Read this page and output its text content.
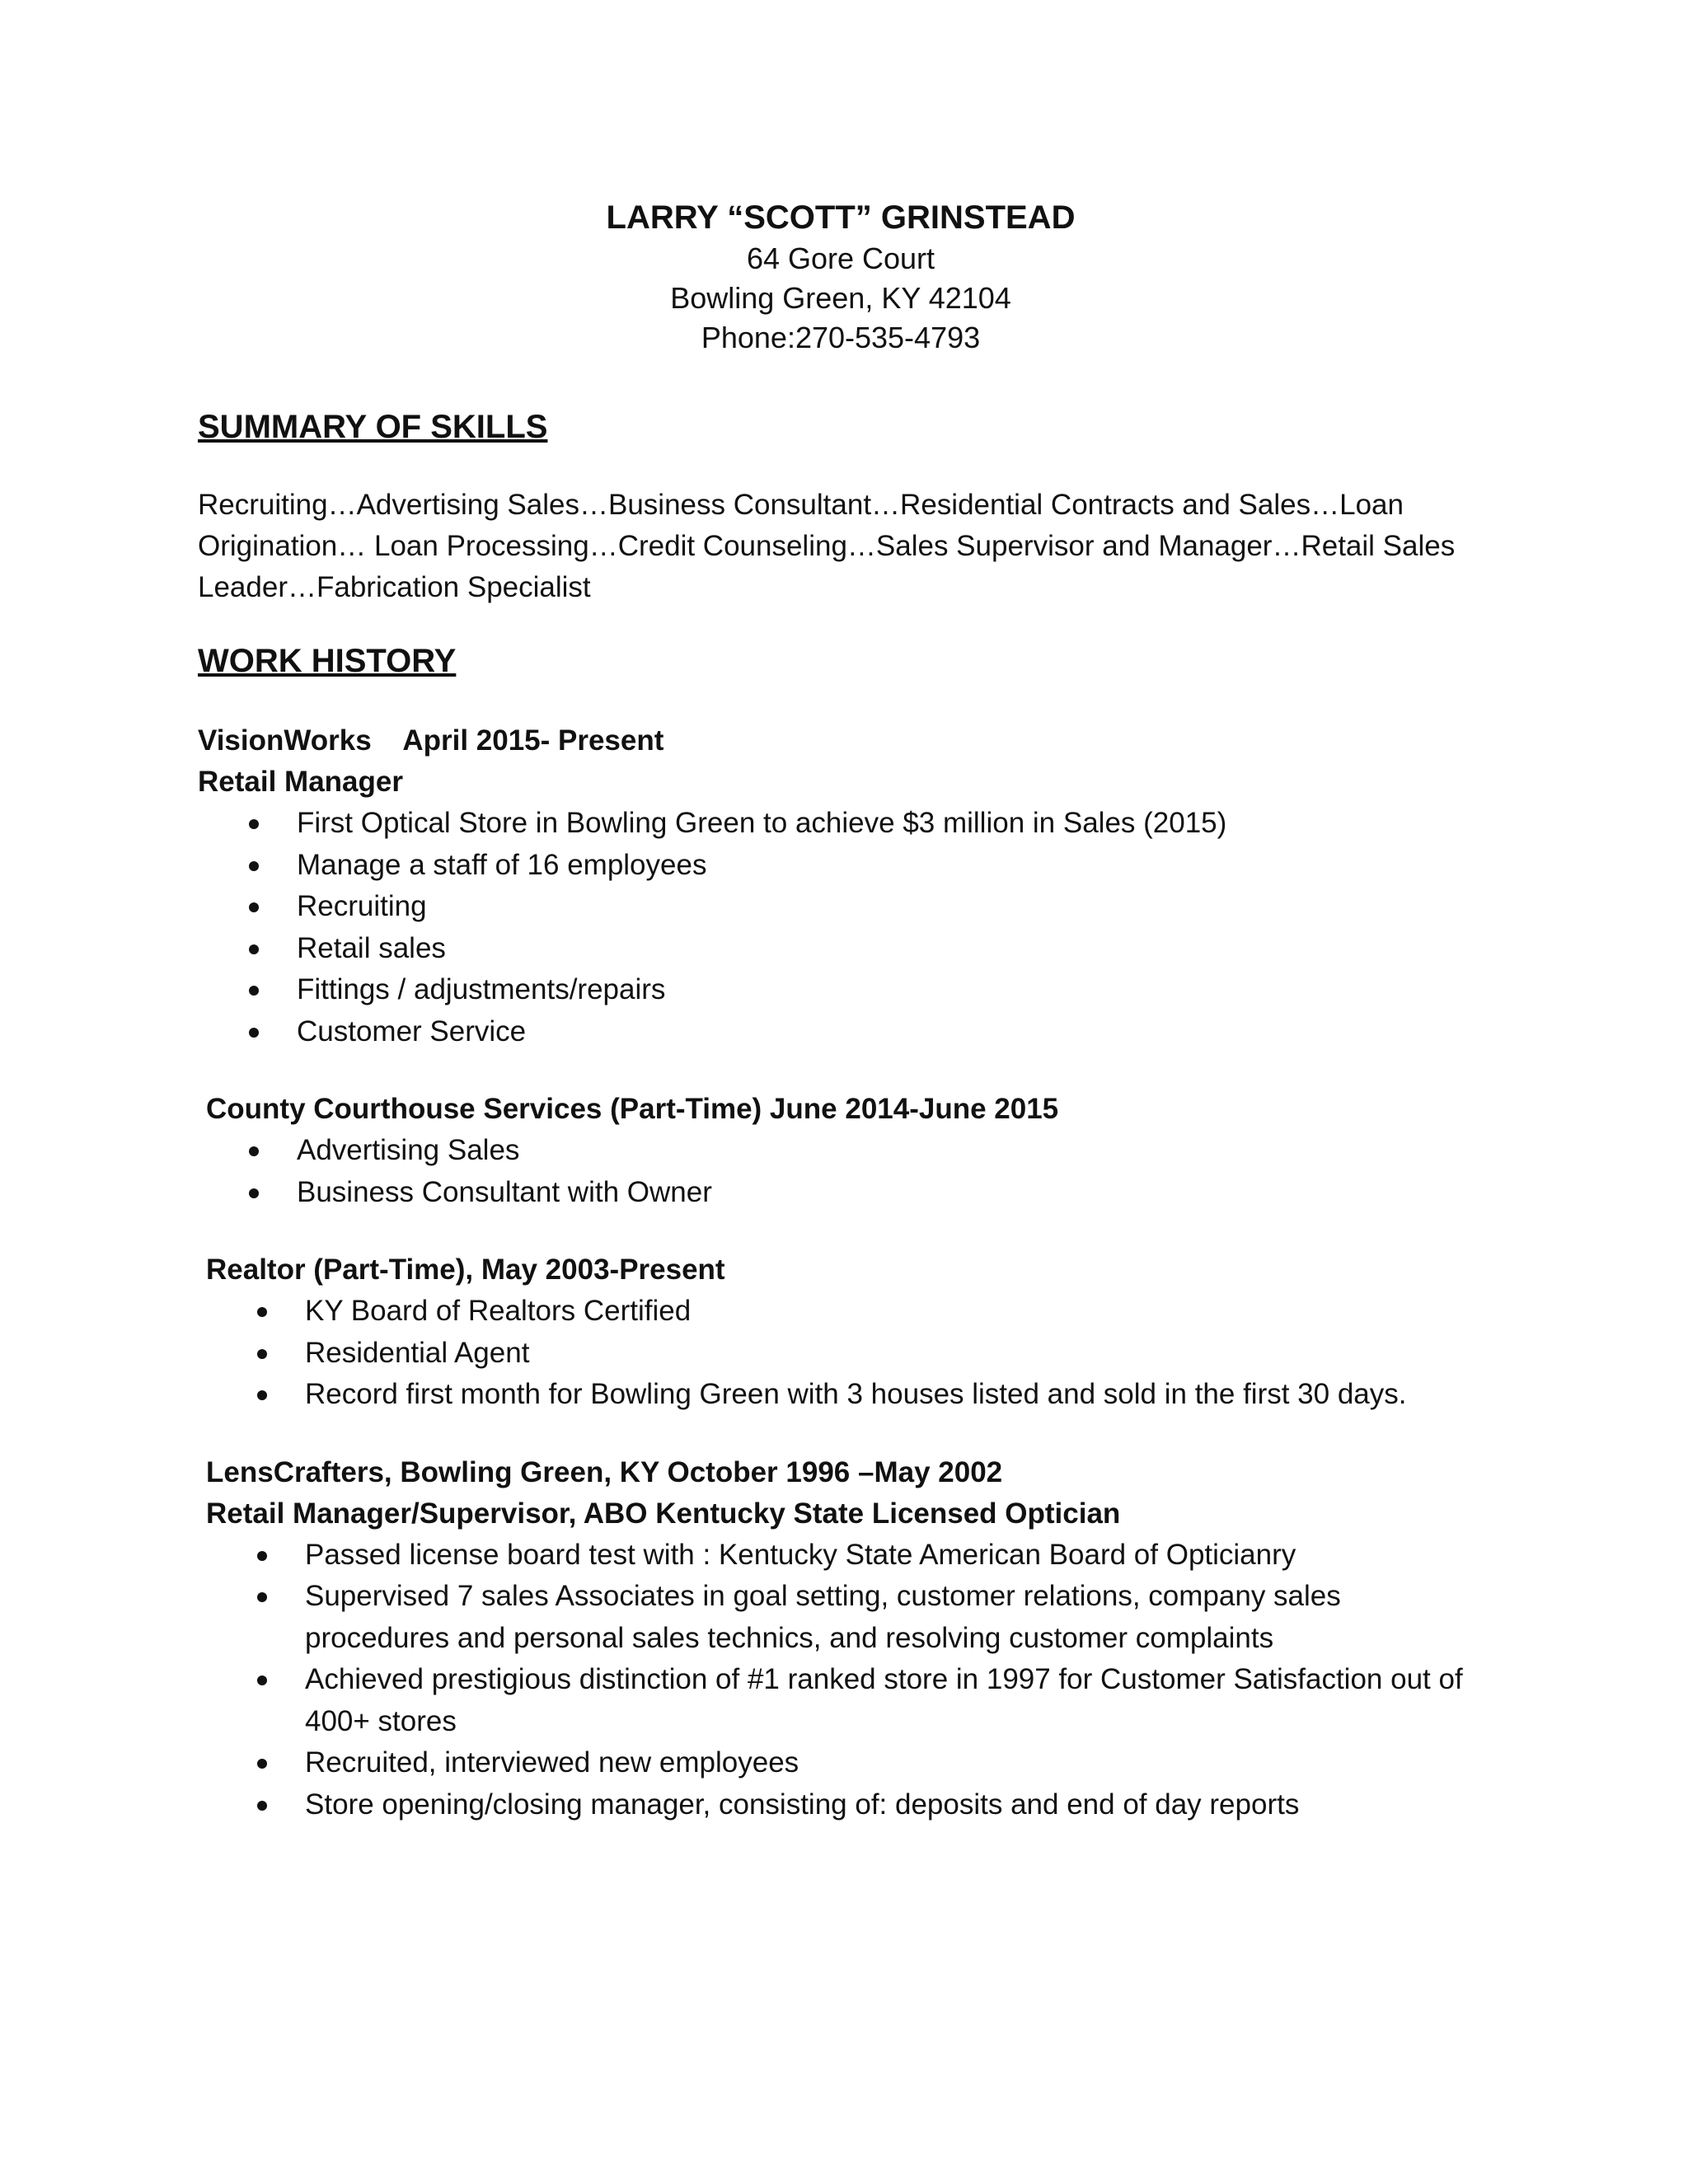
LARRY “SCOTT” GRINSTEAD

64 Gore Court

Bowling Green, KY 42104

Phone:270-535-4793

SUMMARY OF SKILLS

Recruiting…Advertising Sales…Business Consultant…Residential Contracts and Sales…Loan

Origination… Loan Processing…Credit Counseling…Sales Supervisor and Manager…Retail Sales

Leader…Fabrication Specialist

WORK HISTORY

VisionWorks    April 2015- Present

Retail Manager

First Optical Store in Bowling Green to achieve $3 million in Sales (2015)
Manage a staff of 16 employees
Recruiting
Retail sales
Fittings / adjustments/repairs
Customer Service

County Courthouse Services (Part-Time) June 2014-June 2015

Advertising Sales
Business Consultant with Owner

Realtor (Part-Time), May 2003-Present

KY Board of Realtors Certified
Residential Agent
Record first month for Bowling Green with 3 houses listed and sold in the first 30 days.

LensCrafters, Bowling Green, KY October 1996 –May 2002

Retail Manager/Supervisor, ABO Kentucky State Licensed Optician

Passed license board test with : Kentucky State American Board of Opticianry
Supervised 7 sales Associates in goal setting, customer relations, company sales procedures and personal sales technics, and resolving customer complaints
Achieved prestigious distinction of #1 ranked store in 1997 for Customer Satisfaction out of 400+ stores
Recruited, interviewed new employees
Store opening/closing manager, consisting of: deposits and end of day reports
